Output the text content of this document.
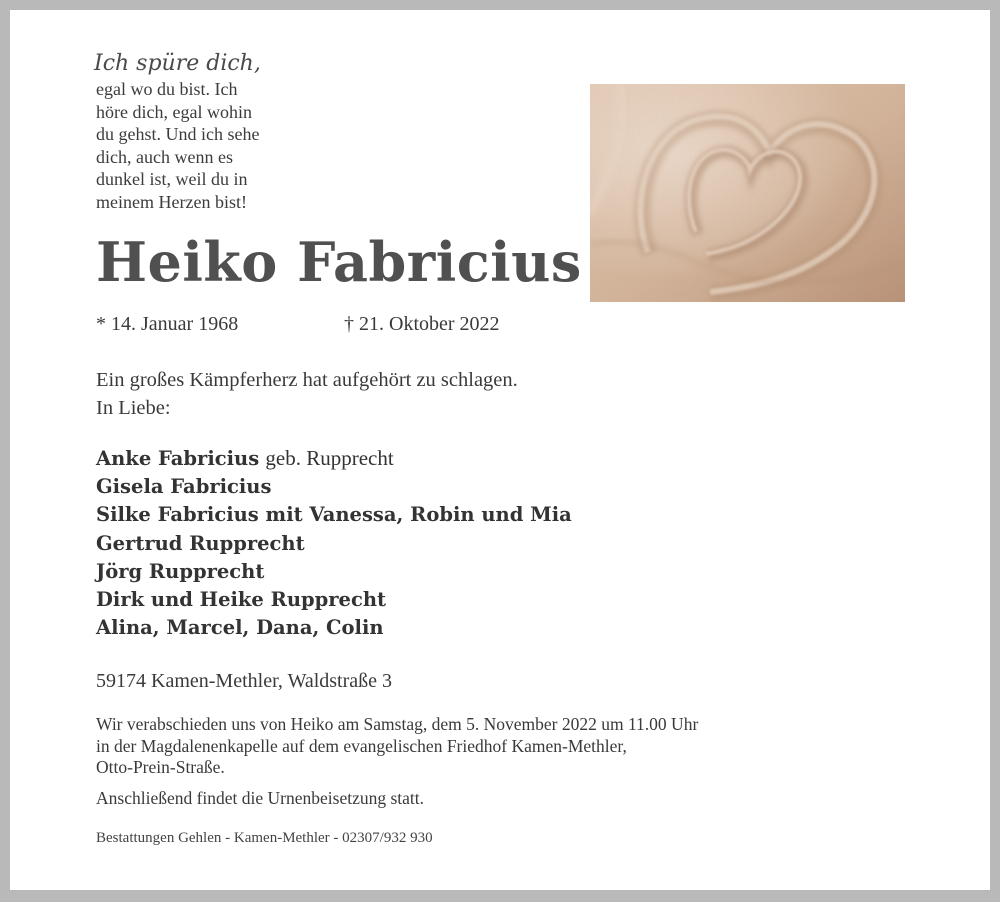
Ich spüre dich,
egal wo du bist. Ich
höre dich, egal wohin
du gehst. Und ich sehe
dich, auch wenn es
dunkel ist, weil du in
meinem Herzen bist!
Heiko Fabricius
* 14. Januar 1968	† 21. Oktober 2022
Ein großes Kämpferherz hat aufgehört zu schlagen.
In Liebe:
Anke Fabricius geb. Rupprecht
Gisela Fabricius
Silke Fabricius mit Vanessa, Robin und Mia
Gertrud Rupprecht
Jörg Rupprecht
Dirk und Heike Rupprecht
Alina, Marcel, Dana, Colin
59174 Kamen-Methler, Waldstraße 3
Wir verabschieden uns von Heiko am Samstag, dem 5. November 2022 um 11.00 Uhr
in der Magdalenenkapelle auf dem evangelischen Friedhof Kamen-Methler,
Otto-Prein-Straße.
Anschließend findet die Urnenbeisetzung statt.
Bestattungen Gehlen - Kamen-Methler - 02307/932 930
